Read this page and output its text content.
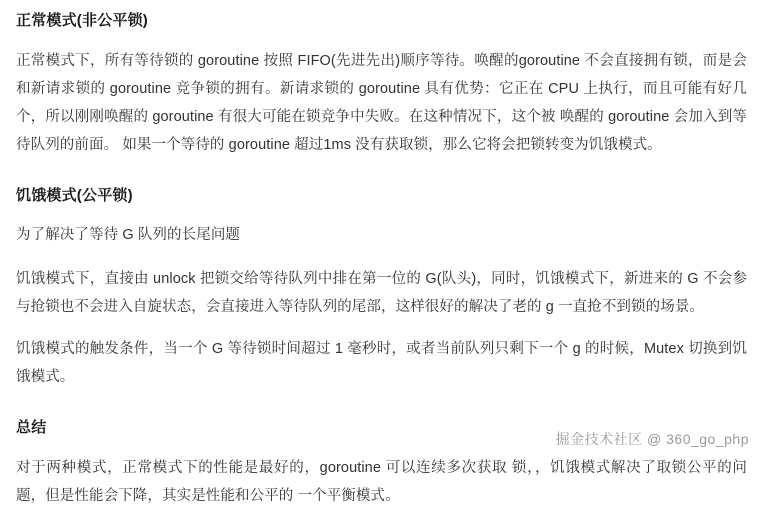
正常模式(非公平锁)

正常模式下，所有等待锁的 goroutine 按照 FIFO(先进先出)顺序等待。唤醒的goroutine 不会直接拥有锁，而是会和新请求锁的 goroutine 竞争锁的拥有。新请求锁的 goroutine 具有优势：它正在 CPU 上执行，而且可能有好几个，所以刚刚唤醒的 goroutine 有很大可能在锁竞争中失败。在这种情况下，这个被 唤醒的 goroutine 会加入到等待队列的前面。 如果一个等待的 goroutine 超过1ms 没有获取锁，那么它将会把锁转变为饥饿模式。

饥饿模式(公平锁)

为了解决了等待 G 队列的长尾问题

饥饿模式下，直接由 unlock 把锁交给等待队列中排在第一位的 G(队头)，同时，饥饿模式下，新进来的 G 不会参与抢锁也不会进入自旋状态，会直接进入等待队列的尾部，这样很好的解决了老的 g 一直抢不到锁的场景。

饥饿模式的触发条件，当一个 G 等待锁时间超过 1 毫秒时，或者当前队列只剩下一个 g 的时候，Mutex 切换到饥饿模式。

总结

对于两种模式，正常模式下的性能是最好的，goroutine 可以连续多次获取 锁，，饥饿模式解决了取锁公平的问题，但是性能会下降，其实是性能和公平的 一个平衡模式。

掘金技术社区 @ 360_go_php
